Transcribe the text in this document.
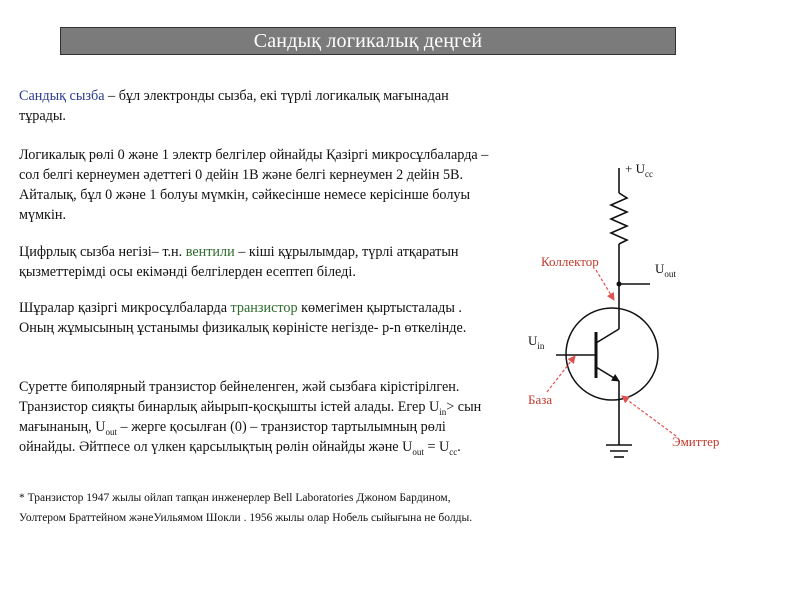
Сандық логикалық деңгей

Сандық сызба – бұл электронды сызба, екі түрлі логикалық мағынадан тұрады.

Логикалық рөлі 0 және 1 электр белгілер ойнайды Қазіргі микросұлбаларда – сол белгі кернеумен әдеттегі 0 дейін 1В және белгі кернеумен 2 дейін 5В. Айталық, бұл 0 және 1 болуы мүмкін, сәйкесінше немесе керісінше болуы мүмкін.

Цифрлық сызба негізі– т.н. вентили – кіші құрылымдар, түрлі атқаратын қызметтерімді осы екімәнді белгілерден есептеп біледі.

Шұралар қазіргі микросұлбаларда транзистор көмегімен қыртысталады . Оның жұмысының ұстанымы физикалық көріністе негізде- p-n өткелінде.

Суретте биполярный транзистор бейнеленген, жәй сызбаға кірістірілген. Транзистор сияқты бинарлық айырып-қосқышты істей алады. Егер $U_{in}>$ сын мағынаның, $U_{out}$ – жерге қосылған (0) – транзистор тартылымның рөлі ойнайды. Әйтпесе ол үлкен қарсылықтың рөлін ойнайды және $U_{out} = U_{cc}$.

* Транзистор 1947 жылы ойлап тапқан инженерлер Bell Laboratories Джоном Бардином, Уолтером Браттейном жәнеУильямом Шокли . 1956 жылы олар Нобель сыйығына не болды.

+ $U_{cc}$
Коллектор	$U_{out}$
$U_{in}$
База
Эмиттер
